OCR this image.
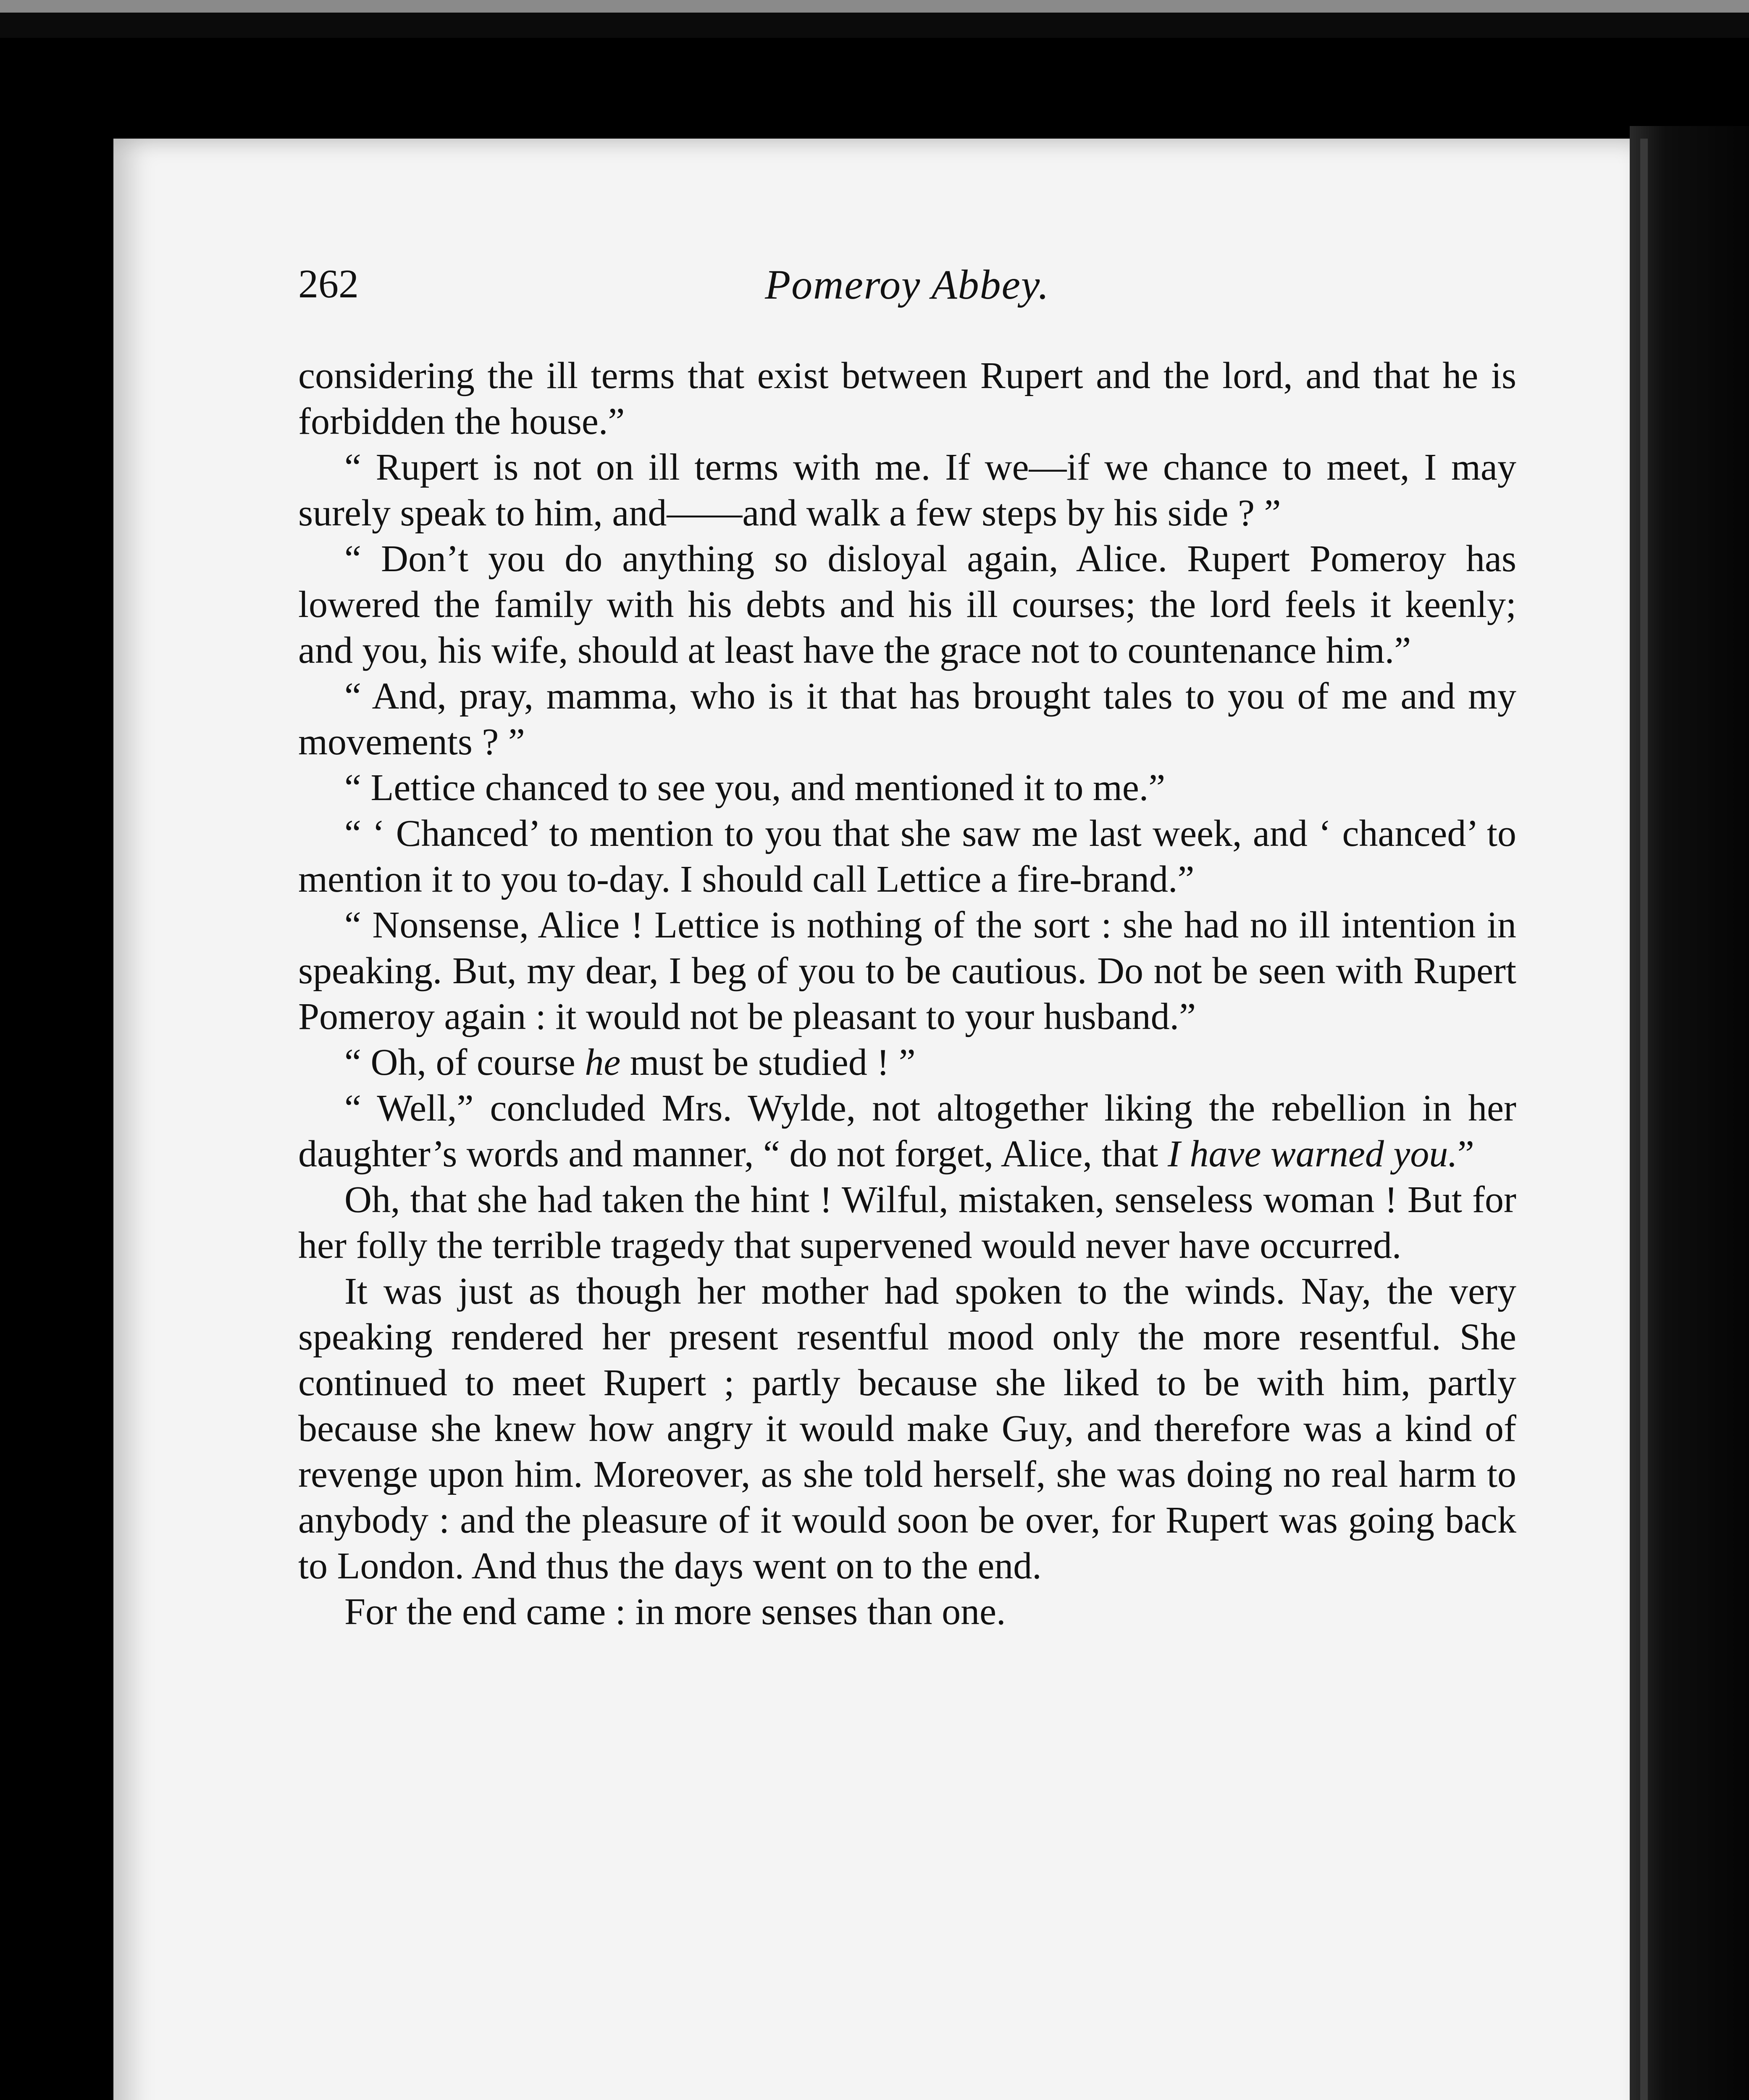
262	Pomeroy Abbey.

considering the ill terms that exist between Rupert and the lord, and that he is forbidden the house.”

“ Rupert is not on ill terms with me. If we—if we chance to meet, I may surely speak to him, and——and walk a few steps by his side ? ”

“ Don’t you do anything so disloyal again, Alice. Rupert Pomeroy has lowered the family with his debts and his ill courses; the lord feels it keenly; and you, his wife, should at least have the grace not to countenance him.”

“ And, pray, mamma, who is it that has brought tales to you of me and my movements ? ”

“ Lettice chanced to see you, and mentioned it to me.”

“ ‘ Chanced’ to mention to you that she saw me last week, and ‘ chanced’ to mention it to you to-day. I should call Lettice a fire-brand.”

“ Nonsense, Alice ! Lettice is nothing of the sort : she had no ill intention in speaking. But, my dear, I beg of you to be cautious. Do not be seen with Rupert Pomeroy again : it would not be pleasant to your husband.”

“ Oh, of course he must be studied ! ”

“ Well,” concluded Mrs. Wylde, not altogether liking the rebellion in her daughter’s words and manner, “ do not forget, Alice, that I have warned you.”

Oh, that she had taken the hint ! Wilful, mistaken, senseless woman ! But for her folly the terrible tragedy that supervened would never have occurred.

It was just as though her mother had spoken to the winds. Nay, the very speaking rendered her present resentful mood only the more resentful. She continued to meet Rupert ; partly because she liked to be with him, partly because she knew how angry it would make Guy, and therefore was a kind of revenge upon him. Moreover, as she told herself, she was doing no real harm to anybody : and the pleasure of it would soon be over, for Rupert was going back to London. And thus the days went on to the end.

For the end came : in more senses than one.
